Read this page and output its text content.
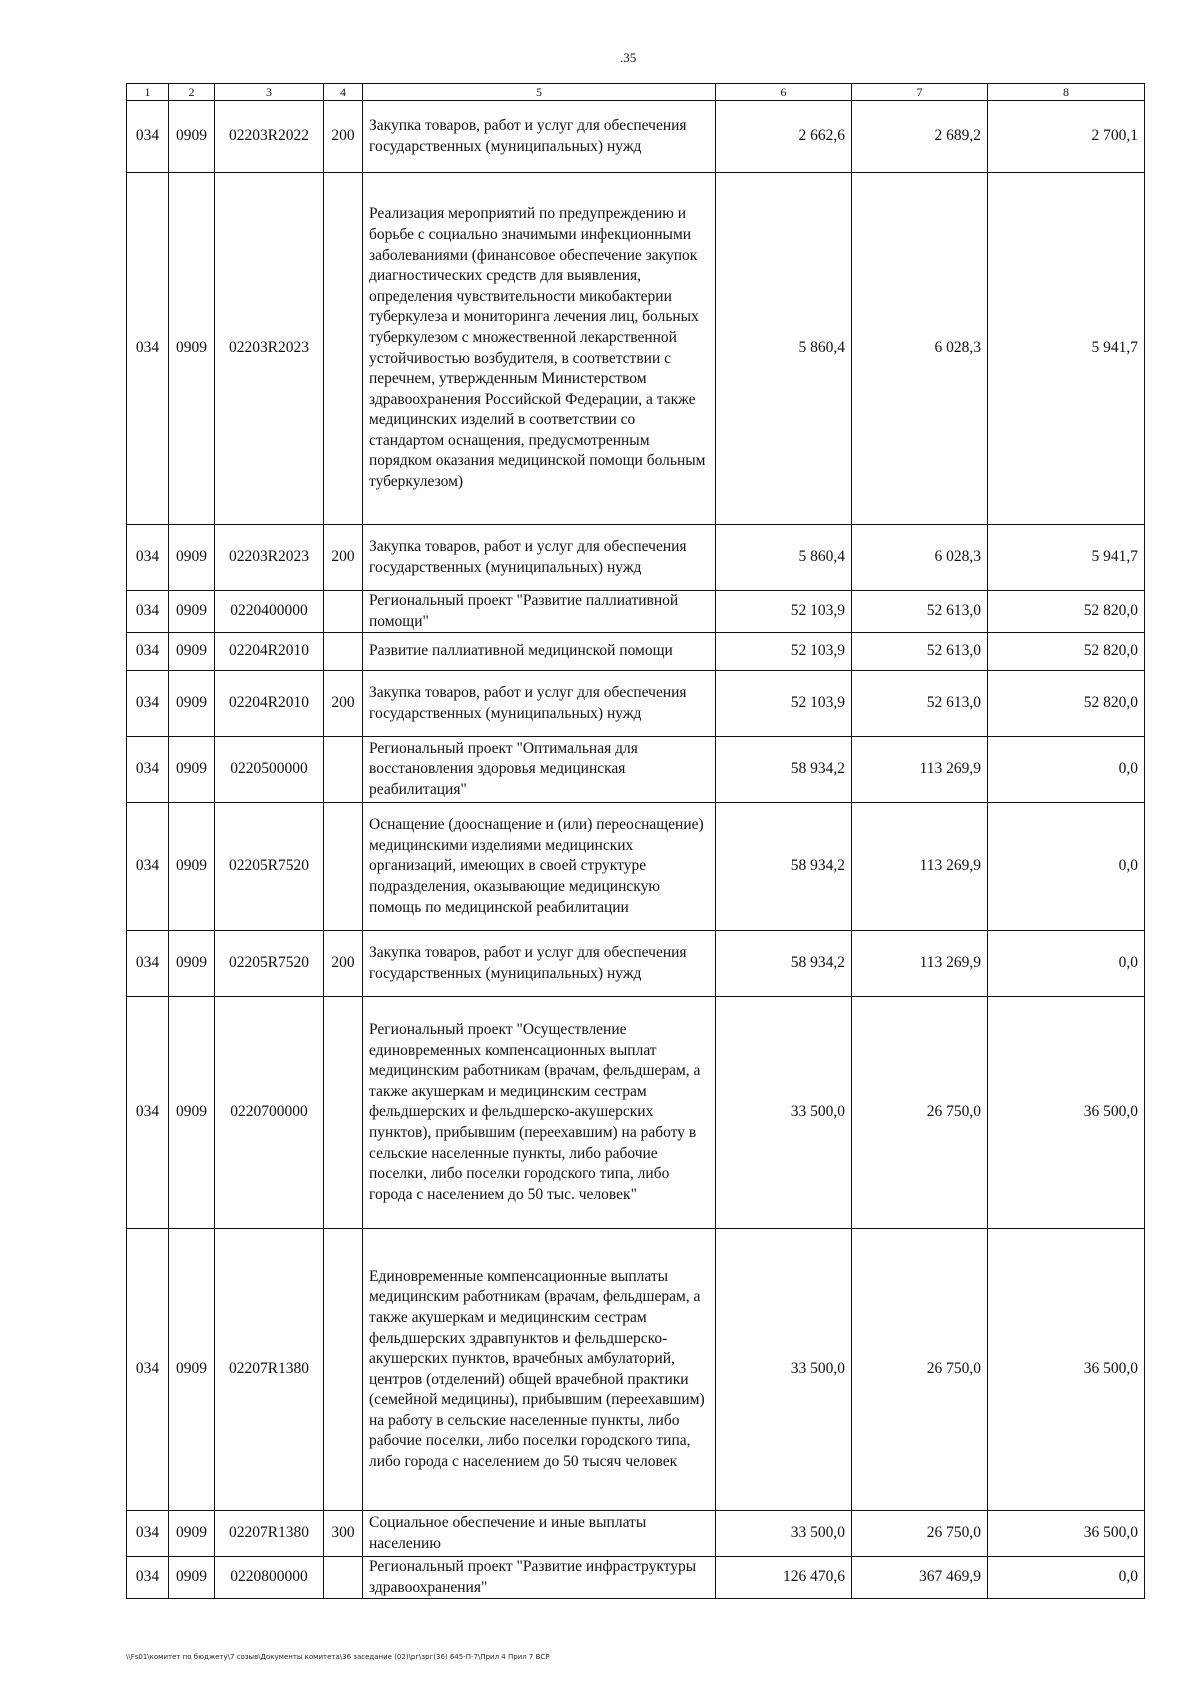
.35
1	2	3	4	5	6	7	8
034	0909	02203R2022	200	Закупка товаров, работ и услуг для обеспечения государственных (муниципальных) нужд	2 662,6	2 689,2	2 700,1
034	0909	02203R2023		Реализация мероприятий по предупреждению и борьбе с социально значимыми инфекционными заболеваниями (финансовое обеспечение закупок диагностических средств для выявления, определения чувствительности микобактерии туберкулеза и мониторинга лечения лиц, больных туберкулезом с множественной лекарственной устойчивостью возбудителя, в соответствии с перечнем, утвержденным Министерством здравоохранения Российской Федерации, а также медицинских изделий в соответствии со стандартом оснащения, предусмотренным порядком оказания медицинской помощи больным туберкулезом)	5 860,4	6 028,3	5 941,7
034	0909	02203R2023	200	Закупка товаров, работ и услуг для обеспечения государственных (муниципальных) нужд	5 860,4	6 028,3	5 941,7
034	0909	0220400000		Региональный проект "Развитие паллиативной помощи"	52 103,9	52 613,0	52 820,0
034	0909	02204R2010		Развитие паллиативной медицинской помощи	52 103,9	52 613,0	52 820,0
034	0909	02204R2010	200	Закупка товаров, работ и услуг для обеспечения государственных (муниципальных) нужд	52 103,9	52 613,0	52 820,0
034	0909	0220500000		Региональный проект "Оптимальная для восстановления здоровья медицинская реабилитация"	58 934,2	113 269,9	0,0
034	0909	02205R7520		Оснащение (дооснащение и (или) переоснащение) медицинскими изделиями медицинских организаций, имеющих в своей структуре подразделения, оказывающие медицинскую помощь по медицинской реабилитации	58 934,2	113 269,9	0,0
034	0909	02205R7520	200	Закупка товаров, работ и услуг для обеспечения государственных (муниципальных) нужд	58 934,2	113 269,9	0,0
034	0909	0220700000		Региональный проект "Осуществление единовременных компенсационных выплат медицинским работникам (врачам, фельдшерам, а также акушеркам и медицинским сестрам фельдшерских и фельдшерско-акушерских пунктов), прибывшим (переехавшим) на работу в сельские населенные пункты, либо рабочие поселки, либо поселки городского типа, либо города с населением до 50 тыс. человек"	33 500,0	26 750,0	36 500,0
034	0909	02207R1380		Единовременные компенсационные выплаты медицинским работникам (врачам, фельдшерам, а также акушеркам и медицинским сестрам фельдшерских здравпунктов и фельдшерско-акушерских пунктов, врачебных амбулаторий, центров (отделений) общей врачебной практики (семейной медицины), прибывшим (переехавшим) на работу в сельские населенные пункты, либо рабочие поселки, либо поселки городского типа, либо города с населением до 50 тысяч человек	33 500,0	26 750,0	36 500,0
034	0909	02207R1380	300	Социальное обеспечение и иные выплаты населению	33 500,0	26 750,0	36 500,0
034	0909	0220800000		Региональный проект "Развитие инфраструктуры здравоохранения"	126 470,6	367 469,9	0,0
\\Fs01\комитет по бюджету\7 созыв\Документы комитета\36 заседание (02)\рг\зрг(36) 645-П-7\Прил 4 Прил 7 ВСР
